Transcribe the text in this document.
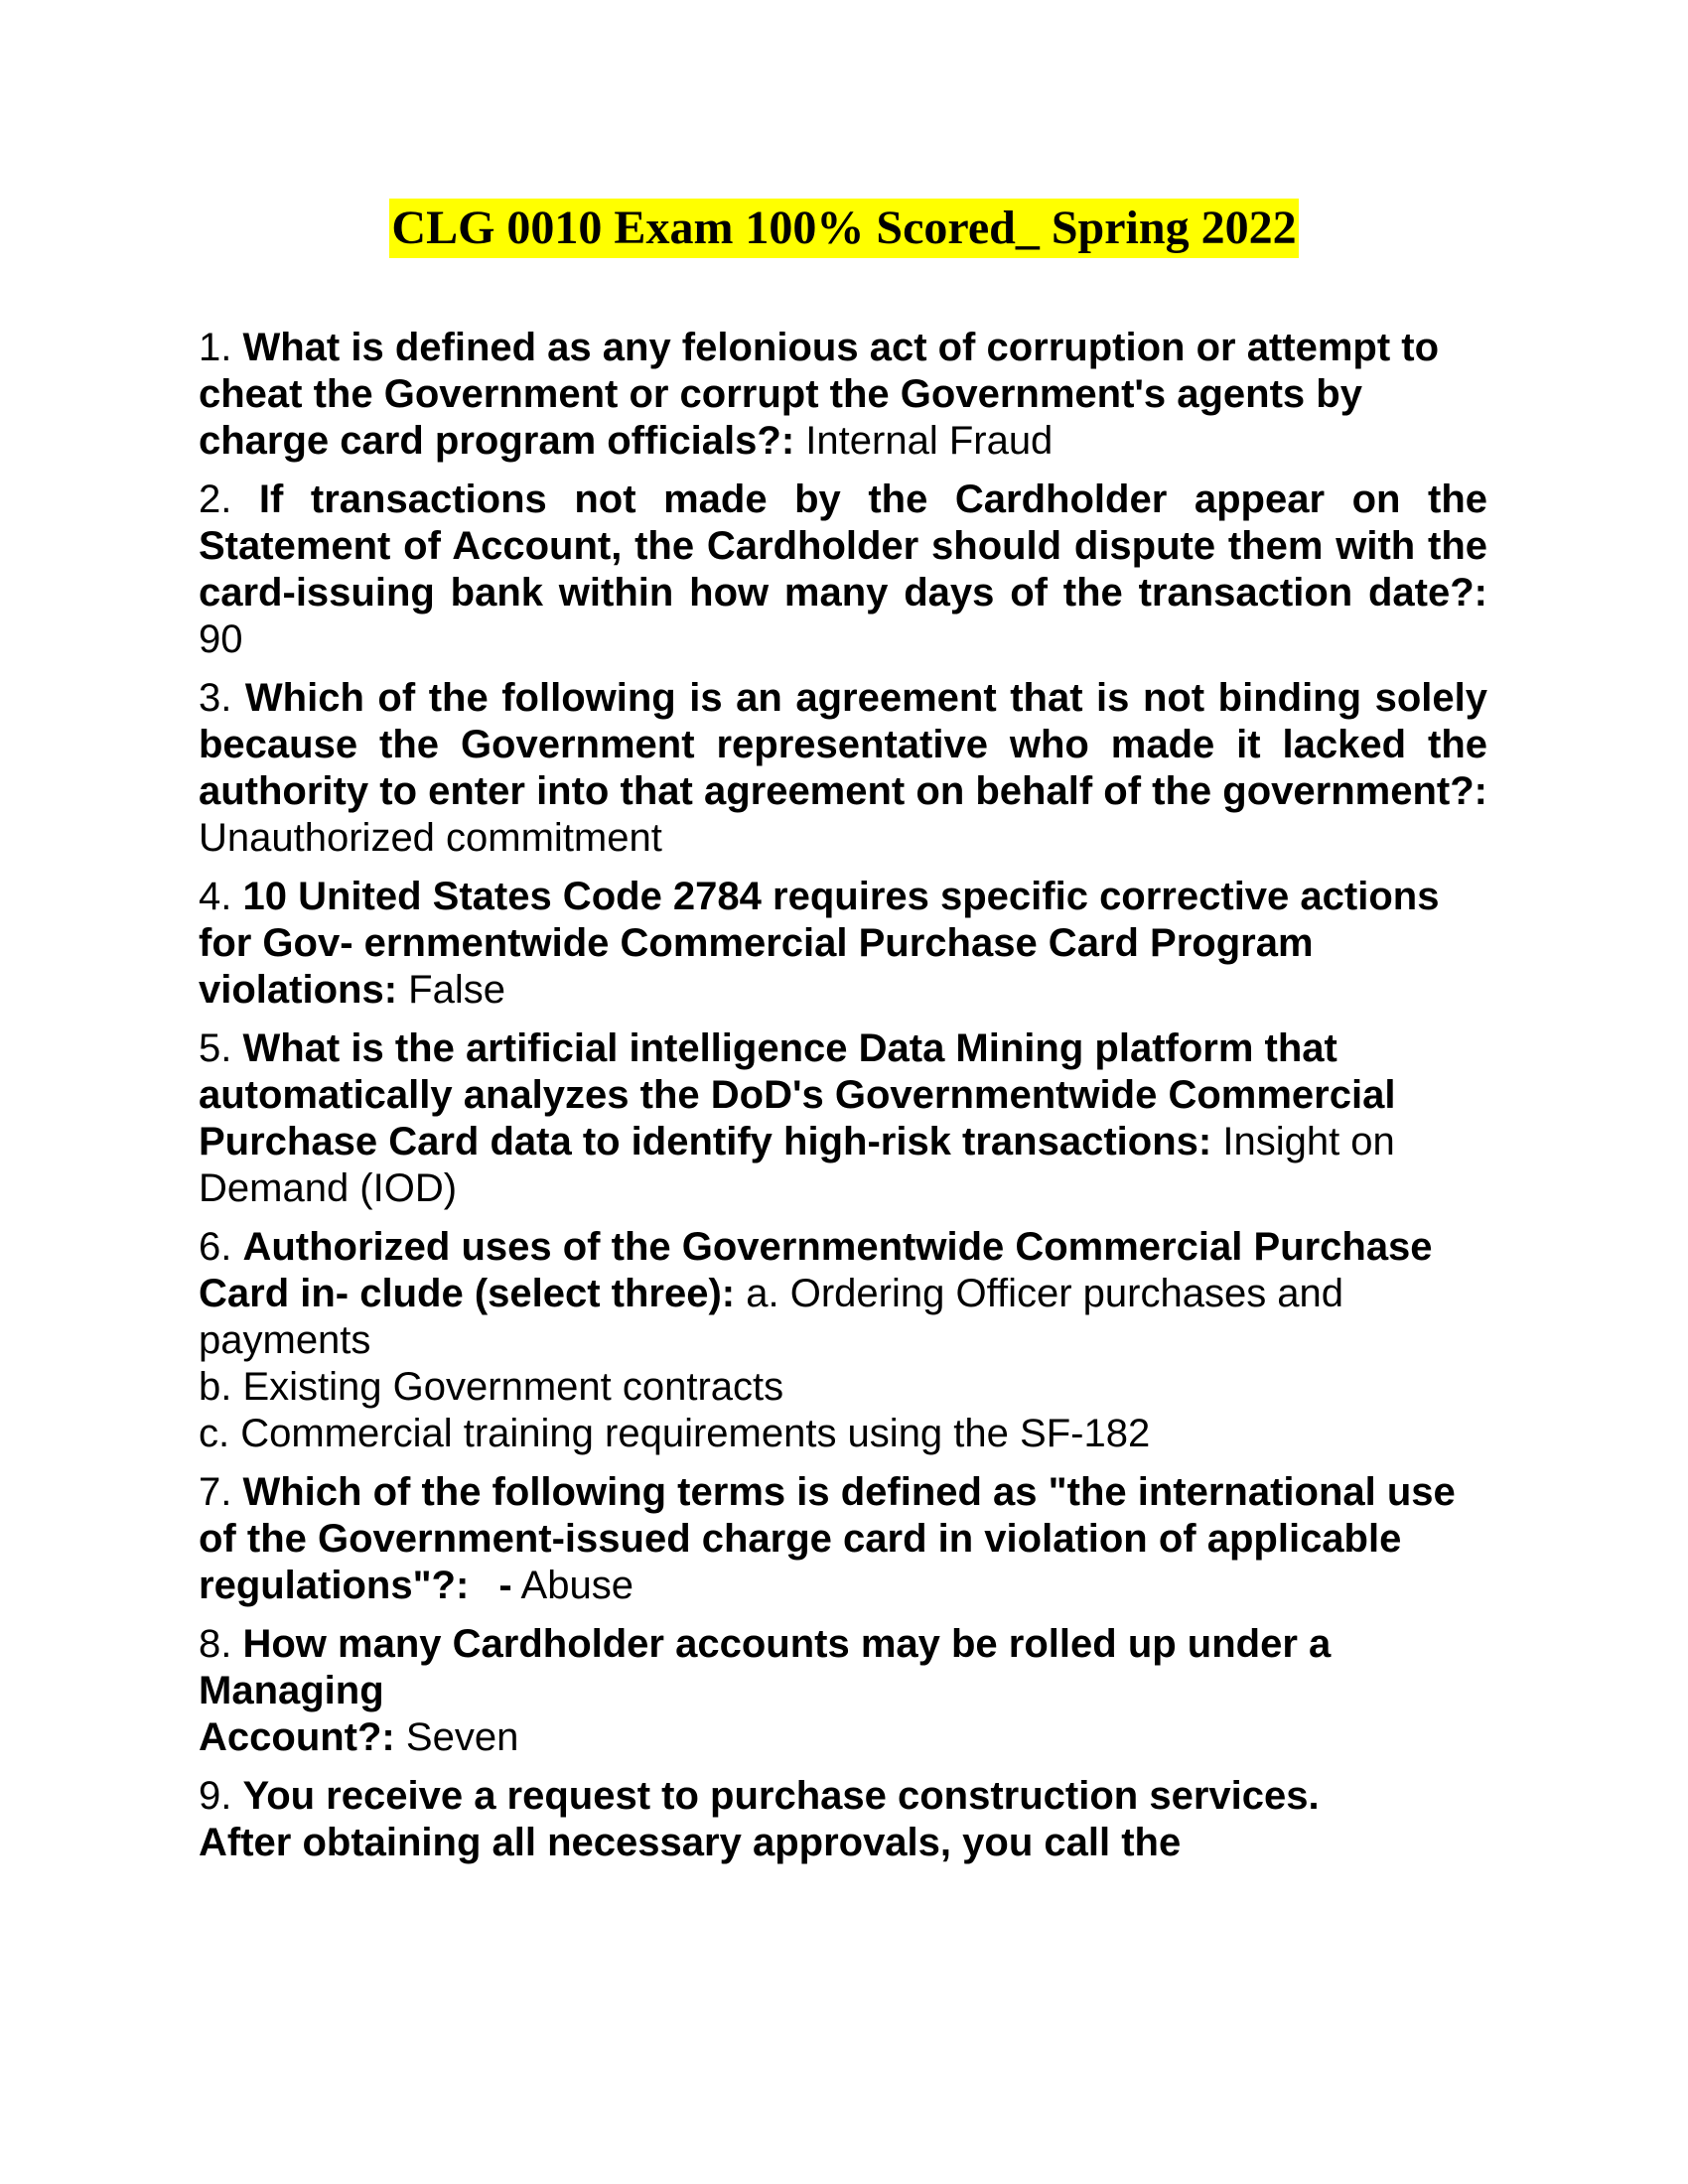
CLG 0010 Exam 100% Scored_ Spring 2022
1. What is defined as any felonious act of corruption or attempt to cheat the Government or corrupt the Government's agents by charge card program officials?: Internal Fraud
2. If transactions not made by the Cardholder appear on the Statement of Account, the Cardholder should dispute them with the card-issuing bank within how many days of the transaction date?: 90
3. Which of the following is an agreement that is not binding solely because the Government representative who made it lacked the authority to enter into that agreement on behalf of the government?: Unauthorized commitment
4. 10 United States Code 2784 requires specific corrective actions for Gov- ernmentwide Commercial Purchase Card Program violations: False
5. What is the artificial intelligence Data Mining platform that automatically analyzes the DoD's Governmentwide Commercial Purchase Card data to identify high-risk transactions: Insight on Demand (IOD)
6. Authorized uses of the Governmentwide Commercial Purchase Card in- clude (select three): a. Ordering Officer purchases and payments
b. Existing Government contracts
c. Commercial training requirements using the SF-182
7. Which of the following terms is defined as "the international use of the Government-issued charge card in violation of applicable regulations"?: - Abuse
8. How many Cardholder accounts may be rolled up under a Managing
Account?: Seven
9. You receive a request to purchase construction services.
After obtaining all necessary approvals, you call the
